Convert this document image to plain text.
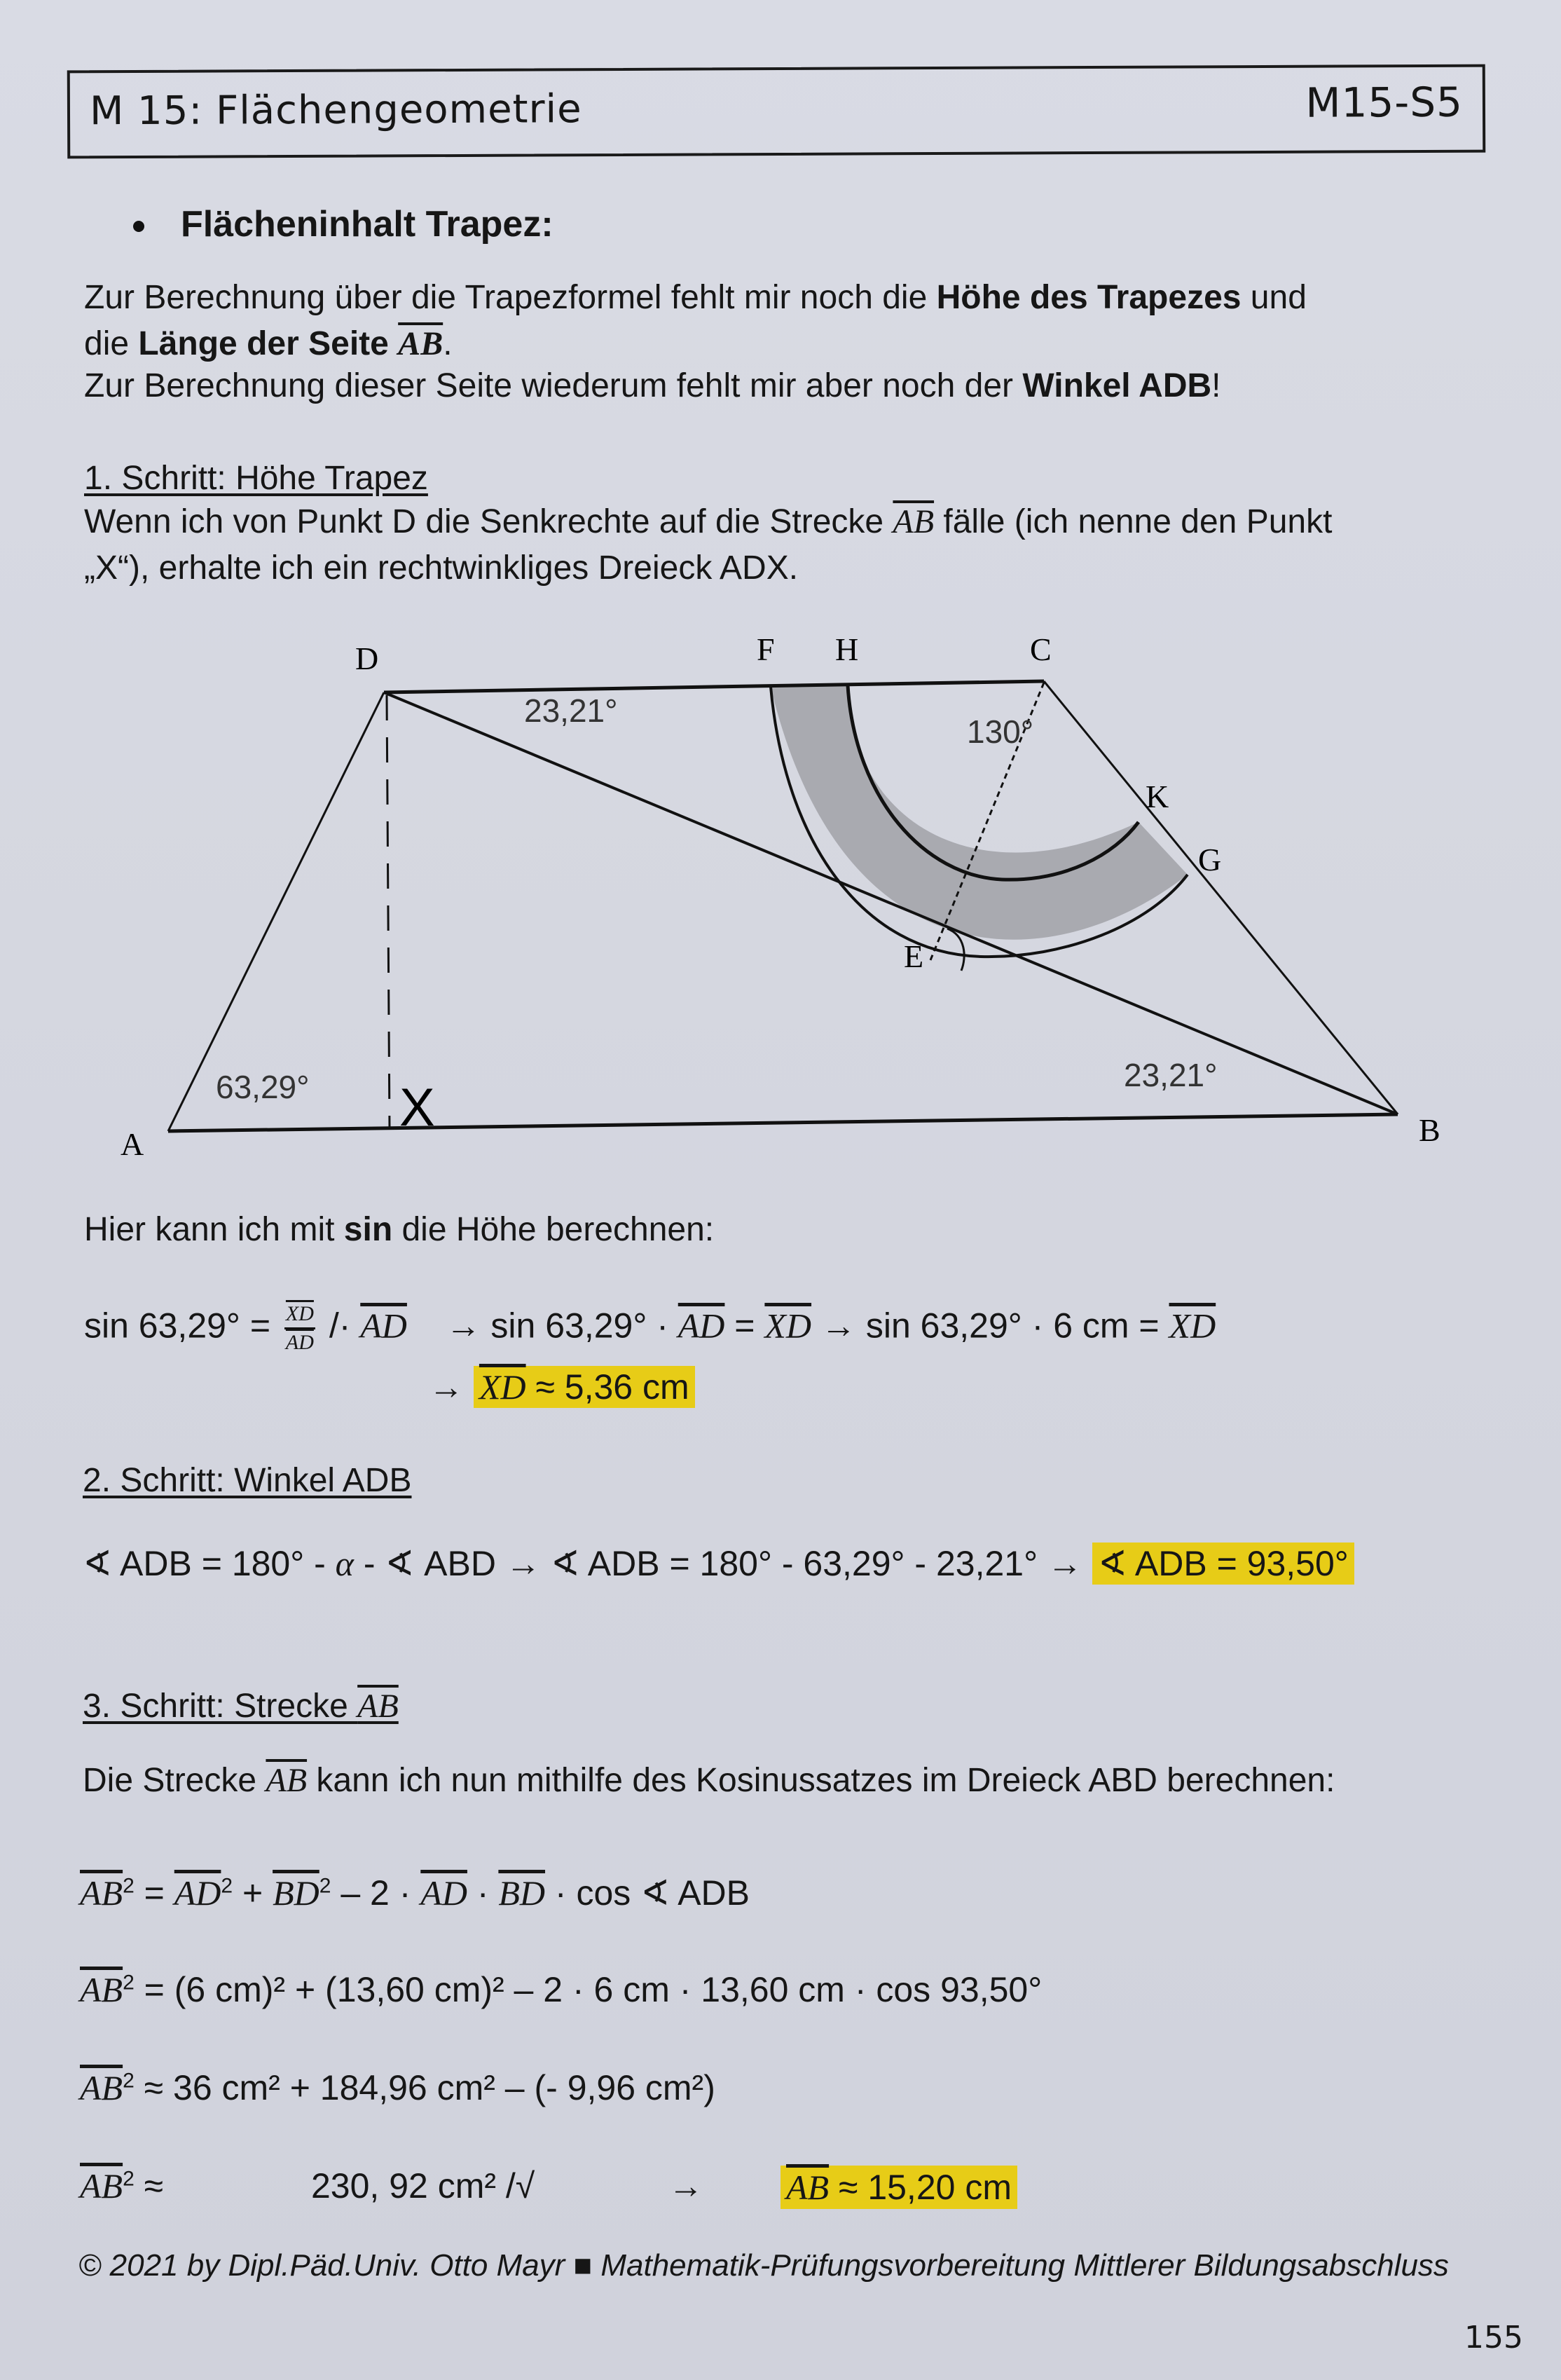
M 15: Flächengeometrie	M15-S5
Flächeninhalt Trapez:
Zur Berechnung über die Trapezformel fehlt mir noch die Höhe des Trapezes und
die Länge der Seite $\overline{AB}$.
Zur Berechnung dieser Seite wiederum fehlt mir aber noch der Winkel ADB!
1. Schritt: Höhe Trapez
Wenn ich von Punkt D die Senkrechte auf die Strecke $\overline{AB}$ fälle (ich nenne den Punkt
„X“), erhalte ich ein rechtwinkliges Dreieck ADX.
D	F H	C
K
G
E
A	B
X
63,29°
23,21°
23,21°
130°
Hier kann ich mit sin die Höhe berechnen:
$\sin 63,29^\circ = \frac{\overline{XD}}{AD} /\cdot \overline{AD} \to \sin 63,29^\circ \cdot \overline{AD} = \overline{XD} \to \sin 63,29^\circ \cdot 6$ cm = $\overline{XD}$
→ $\overline{XD} \approx 5,36$ cm
2. Schritt: Winkel ADB
∢ ADB = 180° - α - ∢ ABD → ∢ ADB = 180° - 63,29° - 23,21° → ∢ ADB = 93,50°
3. Schritt: Strecke AB
Die Strecke $\overline{AB}$ kann ich nun mithilfe des Kosinussatzes im Dreieck ABD berechnen:
$\overline{AB}^2 = \overline{AD}^2 + \overline{BD}^2 - 2 \cdot \overline{AD} \cdot \overline{BD} \cdot \cos$ ∢ ADB
$\overline{AB}^2 = (6$ cm)² + (13,60 cm)² – 2 · 6 cm · 13,60 cm · cos 93,50°
$\overline{AB}^2 \approx 36$ cm² + 184,96 cm² – (- 9,96 cm²)
$\overline{AB}^2$ ≈	230, 92 cm² /√	→ $\overline{AB} \approx 15,20$ cm
© 2021 by Dipl.Päd.Univ. Otto Mayr ■ Mathematik-Prüfungsvorbereitung Mittlerer Bildungsabschluss
155
